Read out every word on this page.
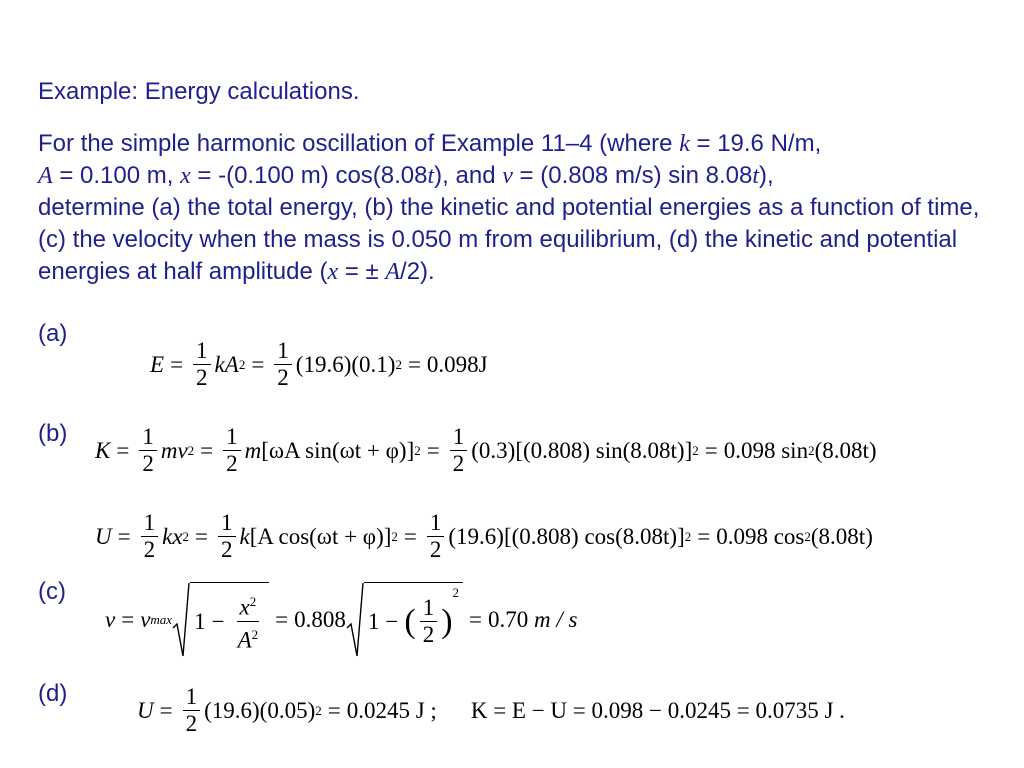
Example: Energy calculations.
For the simple harmonic oscillation of Example 11–4 (where k = 19.6 N/m,
A = 0.100 m, x = -(0.100 m) cos(8.08t), and v = (0.808 m/s) sin 8.08t),
determine (a) the total energy, (b) the kinetic and potential energies as a function of time, (c) the velocity when the mass is 0.050 m from equilibrium, (d) the kinetic and potential energies at half amplitude (x = ± A/2).
(a)
$E = \frac{1}{2}$ kA $2 = \frac{1}{2} (19.6)(0.1) 2 = 0.098J$
(b)
$K = \frac{1}{2}$ mv $2 = \frac{1}{2}$ m [ωA sin(ωt + φ)] $2 = \frac{1}{2} (0.3)$ [(0.808) sin(8.08t)] 2 = 0.098 sin 2 (8.08t)
$U = \frac{1}{2}$ kx $2 = \frac{1}{2}$ k [A cos(ωt + φ)] $2 = \frac{1}{2} (19.6)$ [(0.808) cos(8.08t)] 2 = 0.098 cos 2 (8.08t)
(c)
v = v $\max 1 - \frac{x^2}{A^2} = 0.808$ 1 − ( $\frac{1}{2}$ )
2
= 0.70
m / s
(d)
$U = \frac{1}{2} (19.6)(0.05) 2 = 0.0245$ J ; K = E − U = 0.098 − 0.0245 = 0.0735 J .
